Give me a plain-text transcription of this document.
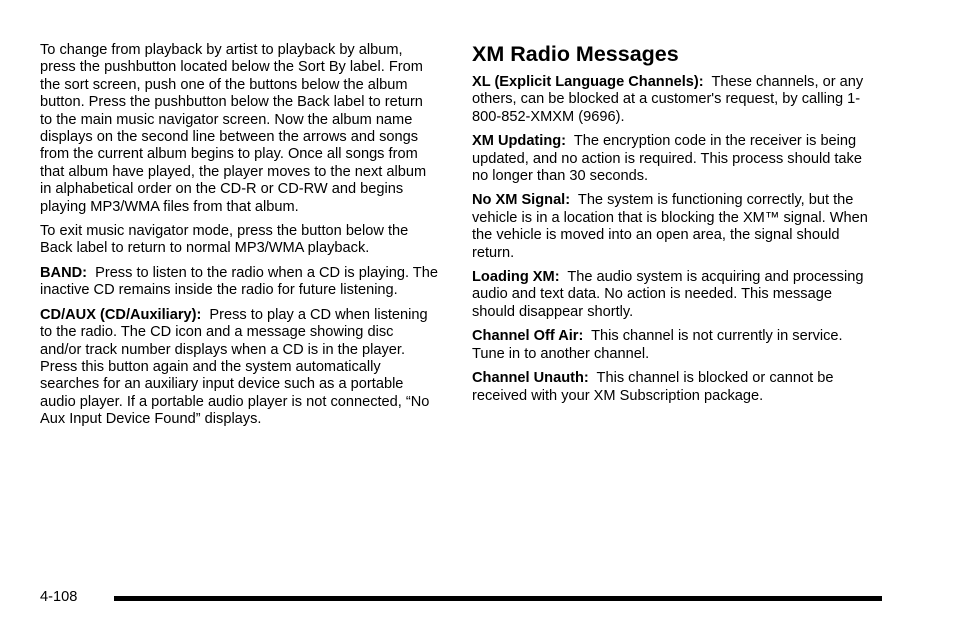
To change from playback by artist to playback by album, press the pushbutton located below the Sort By label. From the sort screen, push one of the buttons below the album button. Press the pushbutton below the Back label to return to the main music navigator screen. Now the album name displays on the second line between the arrows and songs from the current album begins to play. Once all songs from that album have played, the player moves to the next album in alphabetical order on the CD-R or CD-RW and begins playing MP3/WMA files from that album.

To exit music navigator mode, press the button below the Back label to return to normal MP3/WMA playback.

BAND: Press to listen to the radio when a CD is playing. The inactive CD remains inside the radio for future listening.

CD/AUX (CD/Auxiliary): Press to play a CD when listening to the radio. The CD icon and a message showing disc and/or track number displays when a CD is in the player. Press this button again and the system automatically searches for an auxiliary input device such as a portable audio player. If a portable audio player is not connected, “No Aux Input Device Found” displays.

XM Radio Messages

XL (Explicit Language Channels): These channels, or any others, can be blocked at a customer's request, by calling 1-800-852-XMXM (9696).

XM Updating: The encryption code in the receiver is being updated, and no action is required. This process should take no longer than 30 seconds.

No XM Signal: The system is functioning correctly, but the vehicle is in a location that is blocking the XM™ signal. When the vehicle is moved into an open area, the signal should return.

Loading XM: The audio system is acquiring and processing audio and text data. No action is needed. This message should disappear shortly.

Channel Off Air: This channel is not currently in service. Tune in to another channel.

Channel Unauth: This channel is blocked or cannot be received with your XM Subscription package.

4-108
